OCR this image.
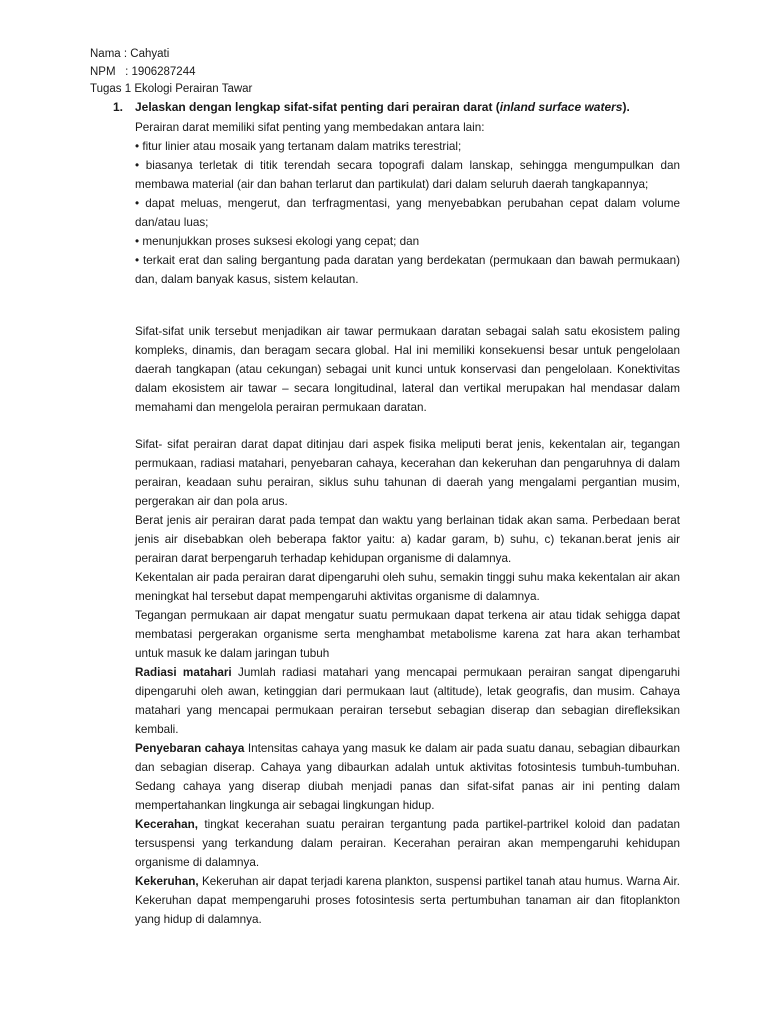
Nama : Cahyati
NPM   : 1906287244
Tugas 1 Ekologi Perairan Tawar
1. Jelaskan dengan lengkap sifat-sifat penting dari perairan darat (inland surface waters).

Perairan darat memiliki sifat penting yang membedakan antara lain:

• fitur linier atau mosaik yang tertanam dalam matriks terestrial;

• biasanya terletak di titik terendah secara topografi dalam lanskap, sehingga mengumpulkan dan membawa material (air dan bahan terlarut dan partikulat) dari dalam seluruh daerah tangkapannya;

• dapat meluas, mengerut, dan terfragmentasi, yang menyebabkan perubahan cepat dalam volume dan/atau luas;

• menunjukkan proses suksesi ekologi yang cepat; dan

• terkait erat dan saling bergantung pada daratan yang berdekatan (permukaan dan bawah permukaan) dan, dalam banyak kasus, sistem kelautan.

Sifat-sifat unik tersebut menjadikan air tawar permukaan daratan sebagai salah satu ekosistem paling kompleks, dinamis, dan beragam secara global. Hal ini memiliki konsekuensi besar untuk pengelolaan daerah tangkapan (atau cekungan) sebagai unit kunci untuk konservasi dan pengelolaan. Konektivitas dalam ekosistem air tawar – secara longitudinal, lateral dan vertikal merupakan hal mendasar dalam memahami dan mengelola perairan permukaan daratan.

Sifat- sifat perairan darat dapat ditinjau dari aspek fisika meliputi berat jenis, kekentalan air, tegangan permukaan, radiasi matahari, penyebaran cahaya, kecerahan dan kekeruhan dan pengaruhnya di dalam perairan, keadaan suhu perairan, siklus suhu tahunan di daerah yang mengalami pergantian musim, pergerakan air dan pola arus.

Berat jenis air perairan darat pada tempat dan waktu yang berlainan tidak akan sama. Perbedaan berat jenis air disebabkan oleh beberapa faktor yaitu: a) kadar garam, b) suhu, c) tekanan.berat jenis air perairan darat berpengaruh terhadap kehidupan organisme di dalamnya.

Kekentalan air pada perairan darat dipengaruhi oleh suhu, semakin tinggi suhu maka kekentalan air akan meningkat hal tersebut dapat mempengaruhi aktivitas organisme di dalamnya.

Tegangan permukaan air dapat mengatur suatu permukaan dapat terkena air atau tidak sehigga dapat membatasi pergerakan organisme serta menghambat metabolisme karena zat hara akan terhambat untuk masuk ke dalam jaringan tubuh

Radiasi matahari Jumlah radiasi matahari yang mencapai permukaan perairan sangat dipengaruhi dipengaruhi oleh awan, ketinggian dari permukaan laut (altitude), letak geografis, dan musim. Cahaya matahari yang mencapai permukaan perairan tersebut sebagian diserap dan sebagian direfleksikan kembali.

Penyebaran cahaya Intensitas cahaya yang masuk ke dalam air pada suatu danau, sebagian dibaurkan dan sebagian diserap. Cahaya yang dibaurkan adalah untuk aktivitas fotosintesis tumbuh-tumbuhan. Sedang cahaya yang diserap diubah menjadi panas dan sifat-sifat panas air ini penting dalam mempertahankan lingkunga air sebagai lingkungan hidup.

Kecerahan, tingkat kecerahan suatu perairan tergantung pada partikel-partrikel koloid dan padatan tersuspensi yang terkandung dalam perairan. Kecerahan perairan akan mempengaruhi kehidupan organisme di dalamnya.

Kekeruhan, Kekeruhan air dapat terjadi karena plankton, suspensi partikel tanah atau humus. Warna Air. Kekeruhan dapat mempengaruhi proses fotosintesis serta pertumbuhan tanaman air dan fitoplankton yang hidup di dalamnya.
